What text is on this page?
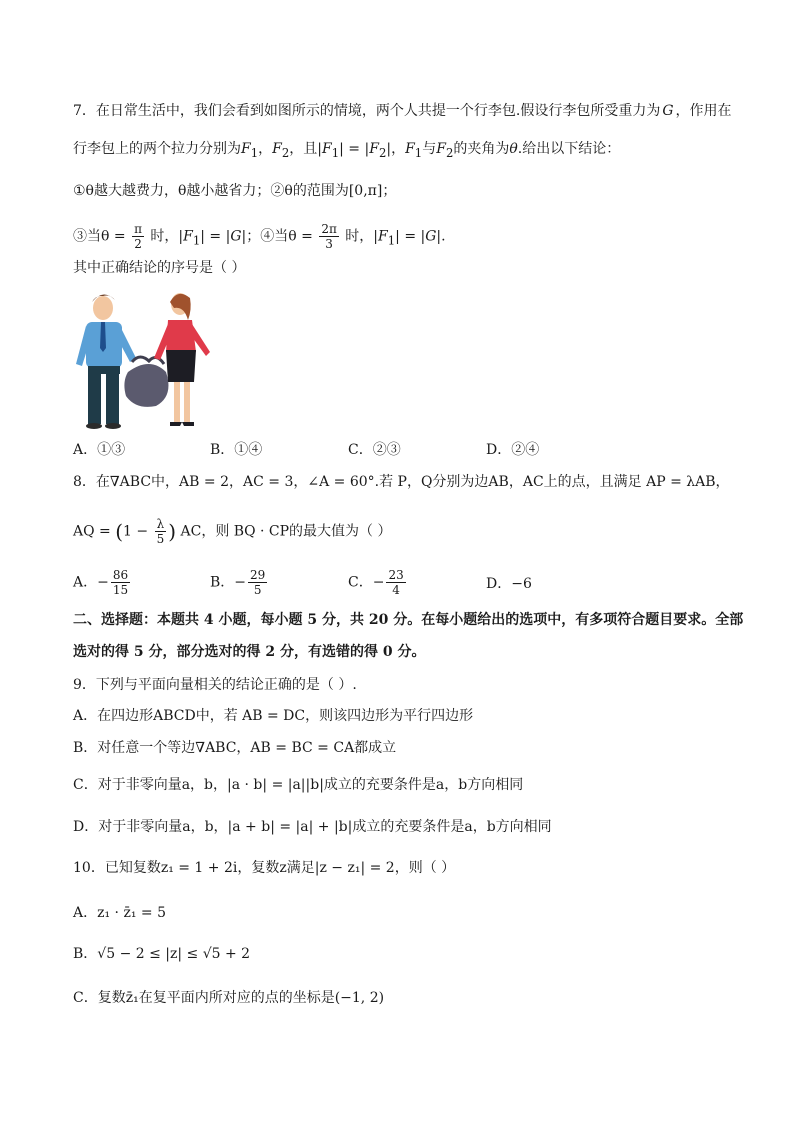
7．在日常生活中，我们会看到如图所示的情境，两个人共提一个行李包.假设行李包所受重力为 G ，作用在
行李包上的两个拉力分别为$F_1$，$F_2$，且$|F_1| = |F_2|$，$F_1$与$F_2$的夹角为θ.给出以下结论：
①θ越大越费力，θ越小越省力；②θ的范围为[0,π]；
③当$\theta = \frac{\pi}{2}$ 时，$|F_1| = |G|$；④当$\theta = \frac{2\pi}{3}$ 时，$|F_1| = |G|$.
其中正确结论的序号是（ ）
A．①③	B．①④	C．②③	D．②④
8．在∇ABC中，AB = 2，AC = 3，∠A = 60°.若 P，Q分别为边AB，AC上的点，且满足 AP = λAB，
AQ = ($1 - \frac{\lambda}{5}$ ) AC，则 BQ · CP的最大值为（ ）
A．− $\frac{86}{15}$	B．− $\frac{29}{5}$	C．− $\frac{23}{4}$	D．−6
二、选择题：本题共 4 小题，每小题 5 分，共 20 分。在每小题给出的选项中，有多项符合题目要求。全部
选对的得 5 分，部分选对的得 2 分，有选错的得 0 分。
9．下列与平面向量相关的结论正确的是（ ）.
A．在四边形ABCD中，若 AB = DC，则该四边形为平行四边形
B．对任意一个等边∇ABC，AB = BC = CA都成立
C．对于非零向量a，b，|a · b| = |a||b|成立的充要条件是a，b方向相同
D．对于非零向量a，b，|a + b| = |a| + |b|成立的充要条件是a，b方向相同
10．已知复数z₁ = 1 + 2i，复数z满足|z − z₁| = 2，则（ ）
A．z₁ · z̄₁ = 5
B．√5 − 2 ≤ |z| ≤ √5 + 2
C．复数z̄₁在复平面内所对应的点的坐标是(−1, 2)
